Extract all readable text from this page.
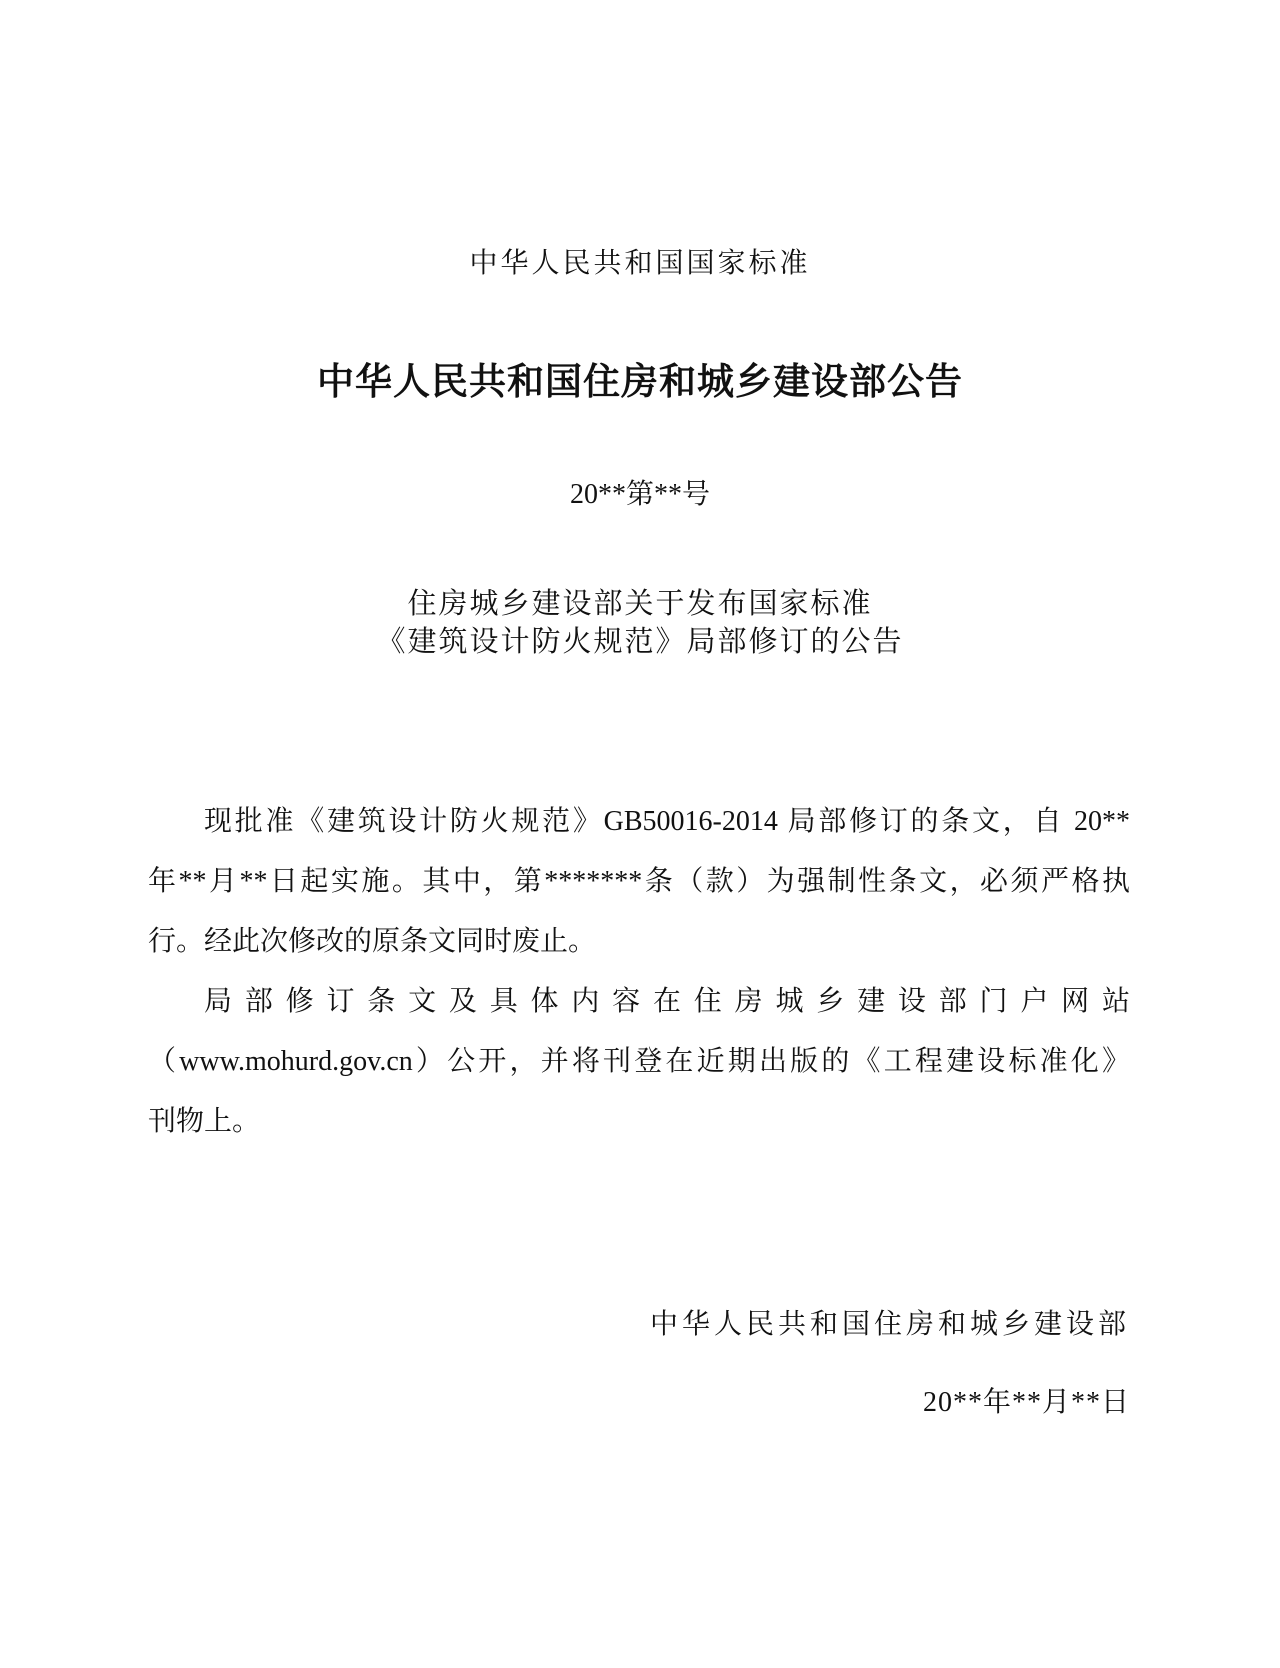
中华人民共和国国家标准
中华人民共和国住房和城乡建设部公告
20**第**号
住房城乡建设部关于发布国家标准
《建筑设计防火规范》局部修订的公告
现批准《建筑设计防火规范》GB50016-2014 局部修订的条文，自 20**
年**月**日起实施。其中，第*******条（款）为强制性条文，必须严格执
行。经此次修改的原条文同时废止。
局部修订条文及具体内容在住房城乡建设部门户网站
（www.mohurd.gov.cn）公开，并将刊登在近期出版的《工程建设标准化》
刊物上。
中华人民共和国住房和城乡建设部
20**年**月**日
